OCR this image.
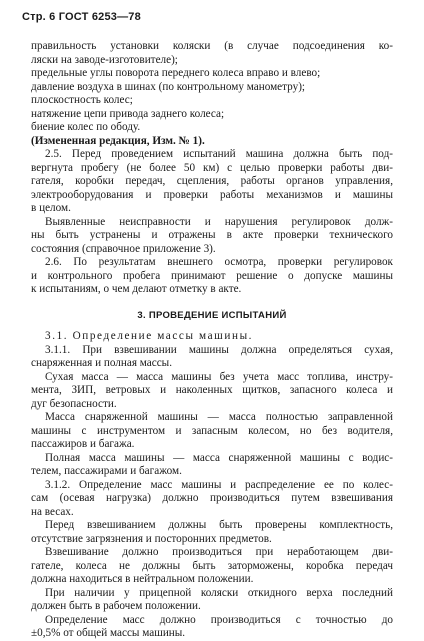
Стр. 6 ГОСТ 6253—78
правильность установки коляски (в случае подсоединения ко-
ляски на заводе-изготовителе);
предельные углы поворота переднего колеса вправо и влево;
давление воздуха в шинах (по контрольному манометру);
плоскостность колес;
натяжение цепи привода заднего колеса;
биение колес по ободу.
(Измененная редакция, Изм. № 1).
2.5. Перед проведением испытаний машина должна быть под-
вергнута пробегу (не более 50 км) с целью проверки работы дви-
гателя, коробки передач, сцепления, работы органов управления,
электрооборудования и проверки работы механизмов и машины
в целом.
Выявленные неисправности и нарушения регулировок долж-
ны быть устранены и отражены в акте проверки технического
состояния (справочное приложение 3).
2.6. По результатам внешнего осмотра, проверки регулировок
и контрольного пробега принимают решение о допуске машины
к испытаниям, о чем делают отметку в акте.
3. ПРОВЕДЕНИЕ ИСПЫТАНИЙ
3.1. Определение массы машины.
3.1.1. При взвешивании машины должна определяться сухая,
снаряженная и полная массы.
Сухая масса — масса машины без учета масс топлива, инстру-
мента, ЗИП, ветровых и наколенных щитков, запасного колеса и
дуг безопасности.
Масса снаряженной машины — масса полностью заправленной
машины с инструментом и запасным колесом, но без водителя,
пассажиров и багажа.
Полная масса машины — масса снаряженной машины с водис-
телем, пассажирами и багажом.
3.1.2. Определение масс машины и распределение ее по колес-
сам (осевая нагрузка) должно производиться путем взвешивания
на весах.
Перед взвешиванием должны быть проверены комплектность,
отсутствие загрязнения и посторонних предметов.
Взвешивание должно производиться при неработающем дви-
гателе, колеса не должны быть заторможены, коробка передач
должна находиться в нейтральном положении.
При наличии у прицепной коляски откидного верха последний
должен быть в рабочем положении.
Определение масс должно производиться с точностью до
±0,5% от общей массы машины.
